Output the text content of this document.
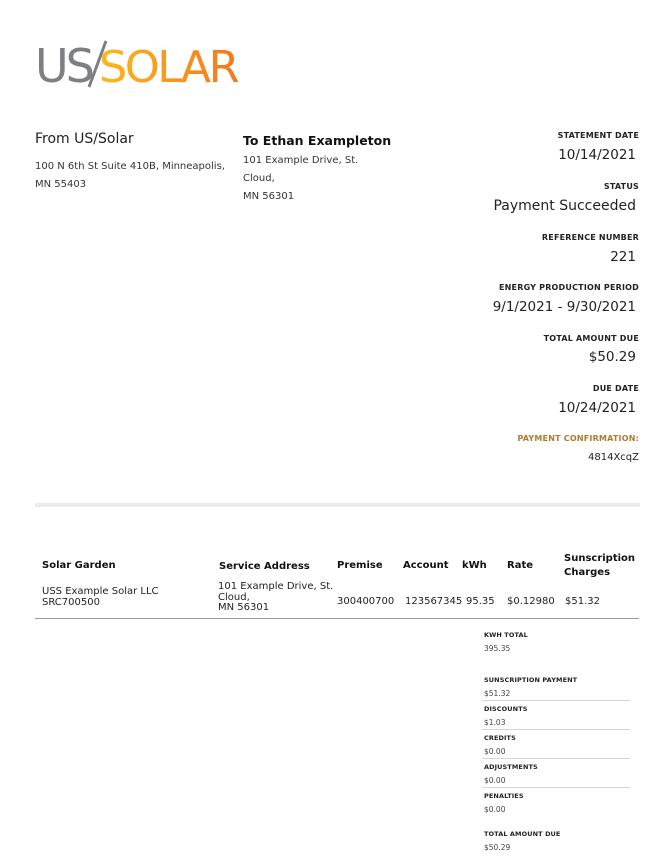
US SOLAR
From US/Solar
100 N 6th St Suite 410B, Minneapolis,
MN 55403
To Ethan Exampleton
101 Example Drive, St. Cloud,
MN 56301
STATEMENT DATE
10/14/2021
STATUS
Payment Succeeded
REFERENCE NUMBER
221
ENERGY PRODUCTION PERIOD
9/1/2021 - 9/30/2021
TOTAL AMOUNT DUE
$50.29
DUE DATE
10/24/2021
PAYMENT CONFIRMATION:
4814XcqZ
Solar Garden	Service Address	Premise Account kWh Rate
Sunscription
Charges
USS Example Solar LLC
SRC700500
101 Example Drive, St.
Cloud,
MN 56301
300400700 123567345 95.35 $0.12980 $51.32
KWH TOTAL
395.35
SUNSCRIPTION PAYMENT
$51.32
DISCOUNTS
$1.03
CREDITS
$0.00
ADJUSTMENTS
$0.00
PENALTIES
$0.00
TOTAL AMOUNT DUE
$50.29
